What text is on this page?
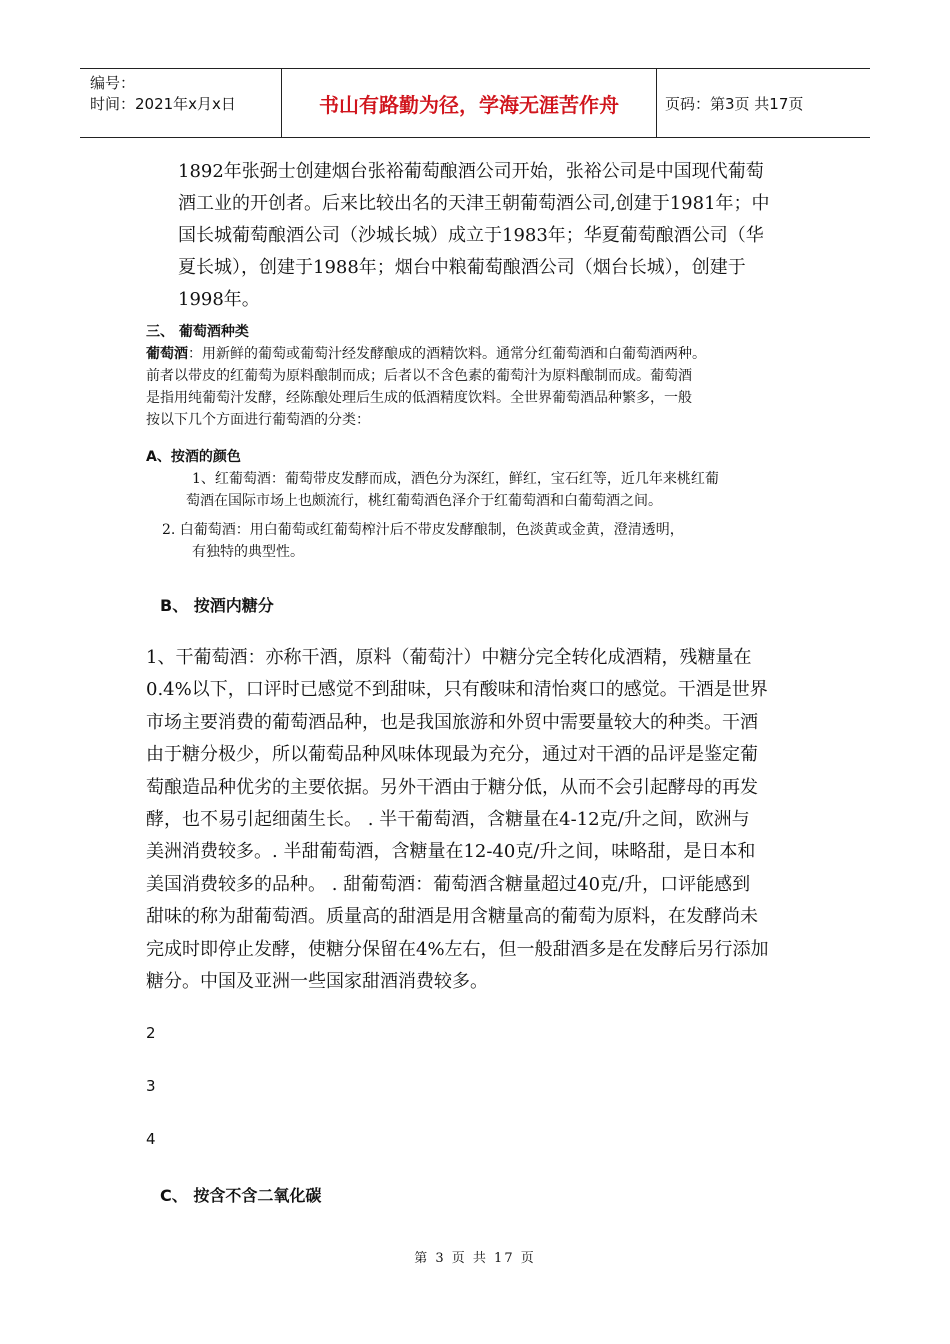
编号：
时间：2021年x月x日	书山有路勤为径，学海无涯苦作舟	页码：第3页 共17页
1892年张弼士创建烟台张裕葡萄酿酒公司开始，张裕公司是中国现代葡萄
酒工业的开创者。后来比较出名的天津王朝葡萄酒公司,创建于1981年；中
国长城葡萄酿酒公司（沙城长城）成立于1983年；华夏葡萄酿酒公司（华
夏长城），创建于1988年；烟台中粮葡萄酿酒公司（烟台长城），创建于
1998年。
三、 葡萄酒种类
葡萄酒：用新鲜的葡萄或葡萄汁经发酵酿成的酒精饮料。通常分红葡萄酒和白葡萄酒两种。
前者以带皮的红葡萄为原料酿制而成；后者以不含色素的葡萄汁为原料酿制而成。葡萄酒
是指用纯葡萄汁发酵，经陈酿处理后生成的低酒精度饮料。全世界葡萄酒品种繁多，一般
按以下几个方面进行葡萄酒的分类：
A、按酒的颜色
1、红葡萄酒：葡萄带皮发酵而成，酒色分为深红，鲜红，宝石红等，近几年来桃红葡
萄酒在国际市场上也颇流行，桃红葡萄酒色泽介于红葡萄酒和白葡萄酒之间。
2. 白葡萄酒：用白葡萄或红葡萄榨汁后不带皮发酵酿制，色淡黄或金黄，澄清透明，
有独特的典型性。
B、 按酒内糖分
1、干葡萄酒：亦称干酒，原料（葡萄汁）中糖分完全转化成酒精，残糖量在
0.4%以下，口评时已感觉不到甜味，只有酸味和清怡爽口的感觉。干酒是世界
市场主要消费的葡萄酒品种，也是我国旅游和外贸中需要量较大的种类。干酒
由于糖分极少，所以葡萄品种风味体现最为充分，通过对干酒的品评是鉴定葡
萄酿造品种优劣的主要依据。另外干酒由于糖分低，从而不会引起酵母的再发
酵，也不易引起细菌生长。 . 半干葡萄酒，含糖量在4-12克/升之间，欧洲与
美洲消费较多。. 半甜葡萄酒，含糖量在12-40克/升之间，味略甜，是日本和
美国消费较多的品种。 . 甜葡萄酒：葡萄酒含糖量超过40克/升，口评能感到
甜味的称为甜葡萄酒。质量高的甜酒是用含糖量高的葡萄为原料，在发酵尚未
完成时即停止发酵，使糖分保留在4%左右，但一般甜酒多是在发酵后另行添加
糖分。中国及亚洲一些国家甜酒消费较多。
2
3
4
C、 按含不含二氧化碳
第 3 页 共 17 页
